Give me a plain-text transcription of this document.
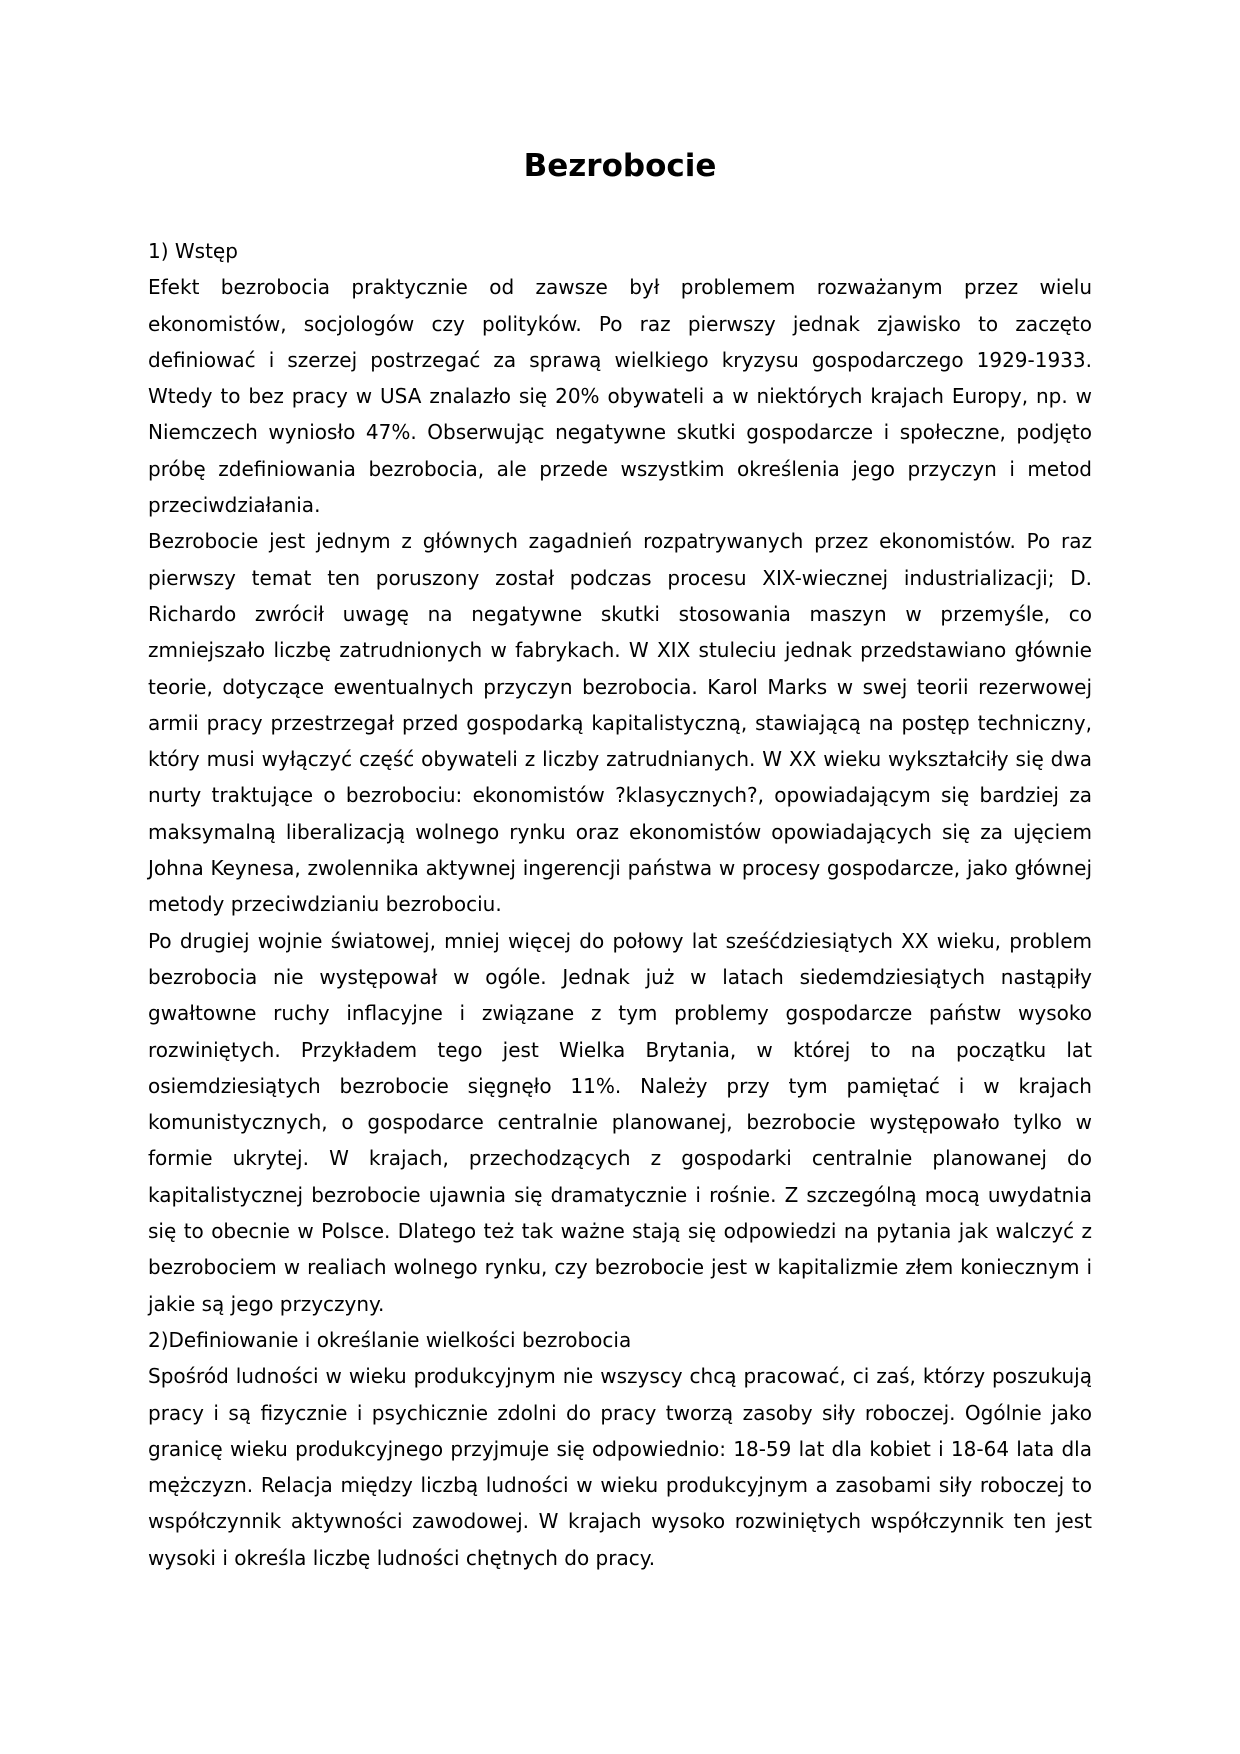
Bezrobocie
1) Wstęp

Efekt bezrobocia praktycznie od zawsze był problemem rozważanym przez wielu ekonomistów, socjologów czy polityków. Po raz pierwszy jednak zjawisko to zaczęto definiować i szerzej postrzegać za sprawą wielkiego kryzysu gospodarczego 1929-1933. Wtedy to bez pracy w USA znalazło się 20% obywateli a w niektórych krajach Europy, np. w Niemczech wyniosło 47%. Obserwując negatywne skutki gospodarcze i społeczne, podjęto próbę zdefiniowania bezrobocia, ale przede wszystkim określenia jego przyczyn i metod przeciwdziałania.

Bezrobocie jest jednym z głównych zagadnień rozpatrywanych przez ekonomistów. Po raz pierwszy temat ten poruszony został podczas procesu XIX-wiecznej industrializacji; D. Richardo zwrócił uwagę na negatywne skutki stosowania maszyn w przemyśle, co zmniejszało liczbę zatrudnionych w fabrykach. W XIX stuleciu jednak przedstawiano głównie teorie, dotyczące ewentualnych przyczyn bezrobocia. Karol Marks w swej teorii rezerwowej armii pracy przestrzegał przed gospodarką kapitalistyczną, stawiającą na postęp techniczny, który musi wyłączyć część obywateli z liczby zatrudnianych. W XX wieku wykształciły się dwa nurty traktujące o bezrobociu: ekonomistów ?klasycznych?, opowiadającym się bardziej za maksymalną liberalizacją wolnego rynku oraz ekonomistów opowiadających się za ujęciem Johna Keynesa, zwolennika aktywnej ingerencji państwa w procesy gospodarcze, jako głównej metody przeciwdzianiu bezrobociu.

Po drugiej wojnie światowej, mniej więcej do połowy lat sześćdziesiątych XX wieku, problem bezrobocia nie występował w ogóle. Jednak już w latach siedemdziesiątych nastąpiły gwałtowne ruchy inflacyjne i związane z tym problemy gospodarcze państw wysoko rozwiniętych. Przykładem tego jest Wielka Brytania, w której to na początku lat osiemdziesiątych bezrobocie sięgnęło 11%. Należy przy tym pamiętać i w krajach komunistycznych, o gospodarce centralnie planowanej, bezrobocie występowało tylko w formie ukrytej. W krajach, przechodzących z gospodarki centralnie planowanej do kapitalistycznej bezrobocie ujawnia się dramatycznie i rośnie. Z szczególną mocą uwydatnia się to obecnie w Polsce. Dlatego też tak ważne stają się odpowiedzi na pytania jak walczyć z bezrobociem w realiach wolnego rynku, czy bezrobocie jest w kapitalizmie złem koniecznym i jakie są jego przyczyny.

2)Definiowanie i określanie wielkości bezrobocia

Spośród ludności w wieku produkcyjnym nie wszyscy chcą pracować, ci zaś, którzy poszukują pracy i są fizycznie i psychicznie zdolni do pracy tworzą zasoby siły roboczej. Ogólnie jako granicę wieku produkcyjnego przyjmuje się odpowiednio: 18-59 lat dla kobiet i 18-64 lata dla mężczyzn. Relacja między liczbą ludności w wieku produkcyjnym a zasobami siły roboczej to współczynnik aktywności zawodowej. W krajach wysoko rozwiniętych współczynnik ten jest wysoki i określa liczbę ludności chętnych do pracy.
